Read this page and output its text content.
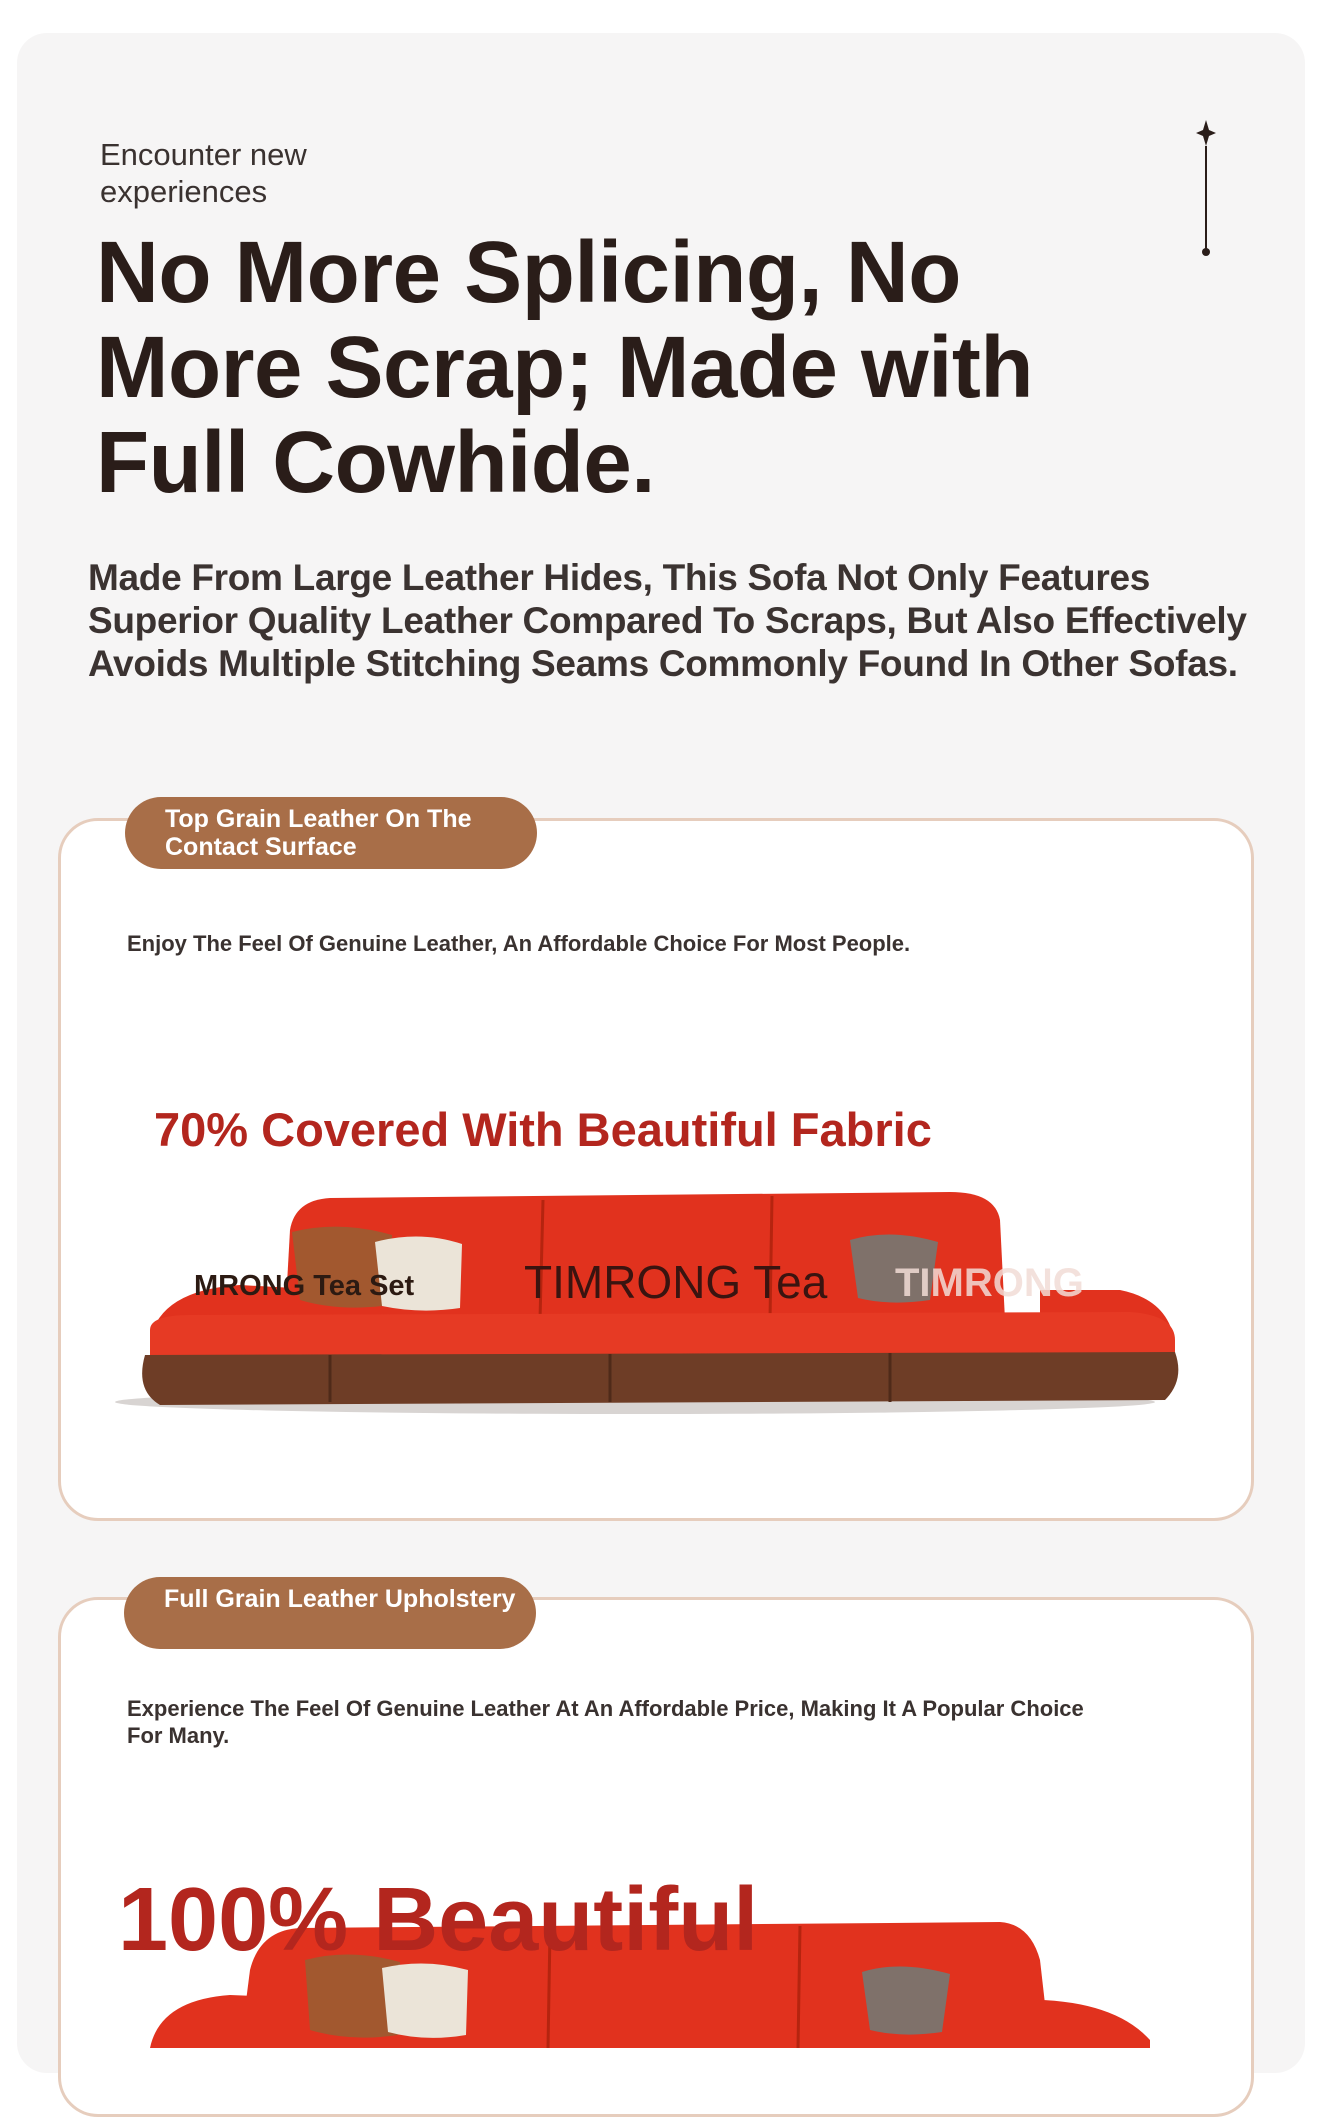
Encounter new experiences
No More Splicing, No More Scrap; Made with Full Cowhide.

Made From Large Leather Hides, This Sofa Not Only Features Superior Quality Leather Compared To Scraps, But Also Effectively Avoids Multiple Stitching Seams Commonly Found In Other Sofas.

Top Grain Leather On The Contact Surface

Enjoy The Feel Of Genuine Leather, An Affordable Choice For Most People.

70% Covered With Beautiful Fabric
MRONG Tea Set TIMRONG Tea TIMRONG
Full Grain Leather Upholstery

Experience The Feel Of Genuine Leather At An Affordable Price, Making It A Popular Choice For Many.

100% Beautiful
